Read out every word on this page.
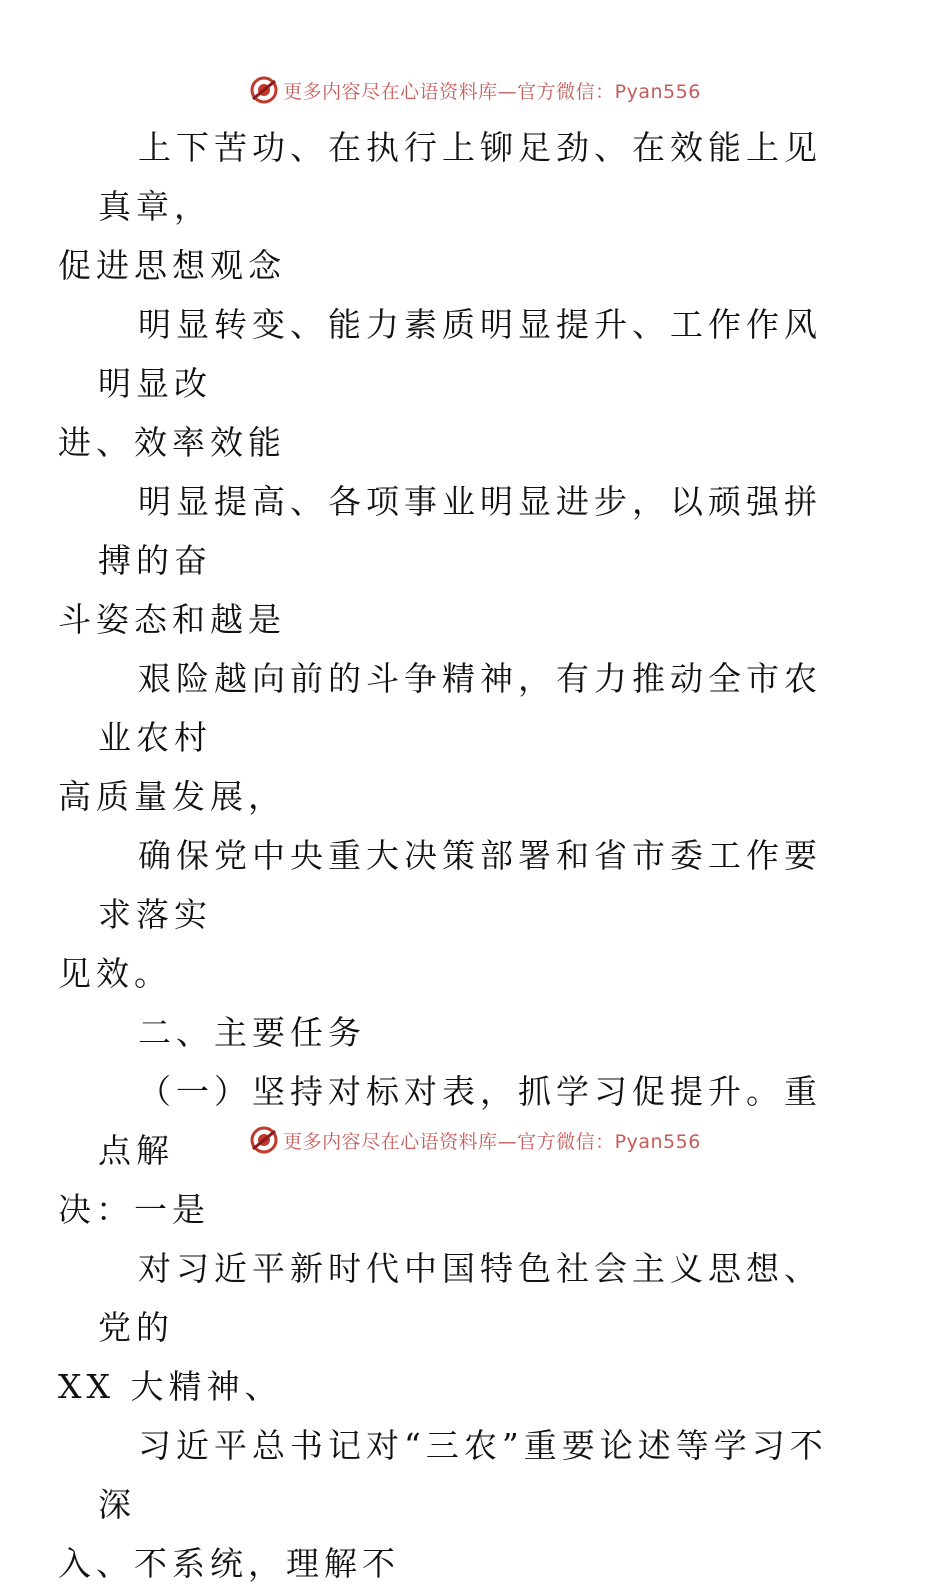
更多内容尽在心语资料库—官方微信：Pyan556

上下苦功、在执行上铆足劲、在效能上见真章，
促进思想观念

明显转变、能力素质明显提升、工作作风明显改
进、效率效能

明显提高、各项事业明显进步，以顽强拼搏的奋
斗姿态和越是

艰险越向前的斗争精神，有力推动全市农业农村
高质量发展，

确保党中央重大决策部署和省市委工作要求落实
见效。

二、主要任务

（一）坚持对标对表，抓学习促提升。重点解
决：一是

对习近平新时代中国特色社会主义思想、党的
XX 大精神、

习近平总书记对“三农”重要论述等学习不深
入、不系统，理解不

更多内容尽在心语资料库—官方微信：Pyan556
